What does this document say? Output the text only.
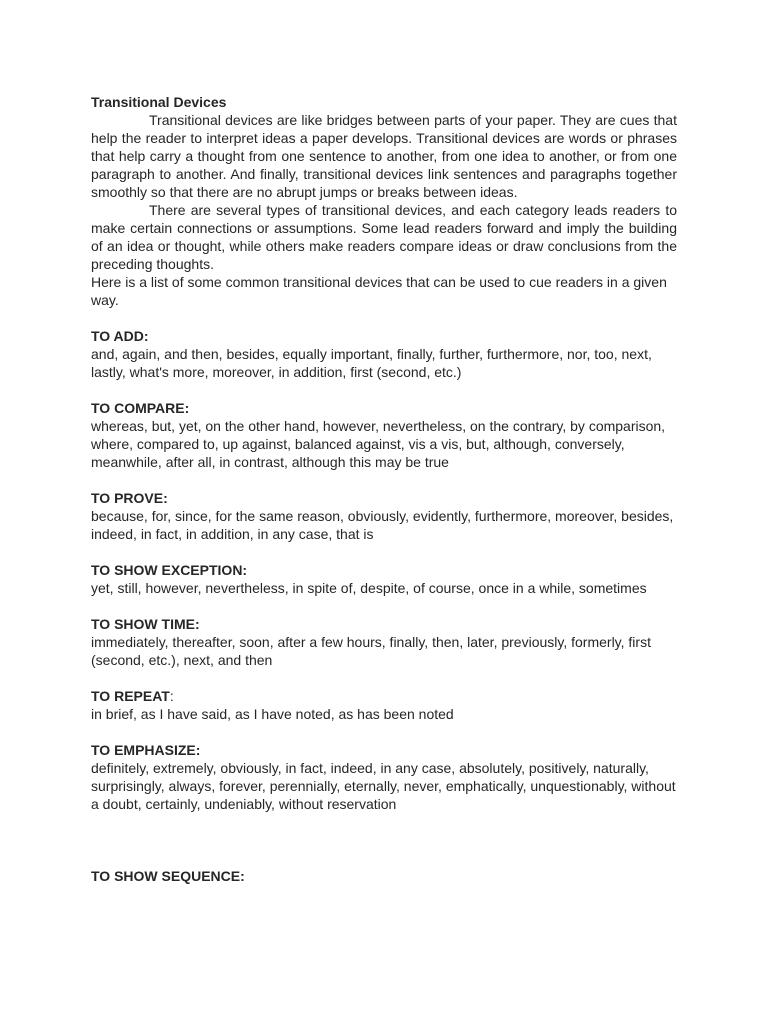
Transitional Devices

Transitional devices are like bridges between parts of your paper. They are cues that help the reader to interpret ideas a paper develops. Transitional devices are words or phrases that help carry a thought from one sentence to another, from one idea to another, or from one paragraph to another. And finally, transitional devices link sentences and paragraphs together smoothly so that there are no abrupt jumps or breaks between ideas.

There are several types of transitional devices, and each category leads readers to make certain connections or assumptions. Some lead readers forward and imply the building of an idea or thought, while others make readers compare ideas or draw conclusions from the preceding thoughts.

Here is a list of some common transitional devices that can be used to cue readers in a given way.

TO ADD:

and, again, and then, besides, equally important, finally, further, furthermore, nor, too, next, lastly, what's more, moreover, in addition, first (second, etc.)

TO COMPARE:

whereas, but, yet, on the other hand, however, nevertheless, on the contrary, by comparison, where, compared to, up against, balanced against, vis a vis, but, although, conversely, meanwhile, after all, in contrast, although this may be true

TO PROVE:

because, for, since, for the same reason, obviously, evidently, furthermore, moreover, besides, indeed, in fact, in addition, in any case, that is

TO SHOW EXCEPTION:

yet, still, however, nevertheless, in spite of, despite, of course, once in a while, sometimes

TO SHOW TIME:

immediately, thereafter, soon, after a few hours, finally, then, later, previously, formerly, first (second, etc.), next, and then

TO REPEAT:

in brief, as I have said, as I have noted, as has been noted

TO EMPHASIZE:

definitely, extremely, obviously, in fact, indeed, in any case, absolutely, positively, naturally, surprisingly, always, forever, perennially, eternally, never, emphatically, unquestionably, without a doubt, certainly, undeniably, without reservation

TO SHOW SEQUENCE:
